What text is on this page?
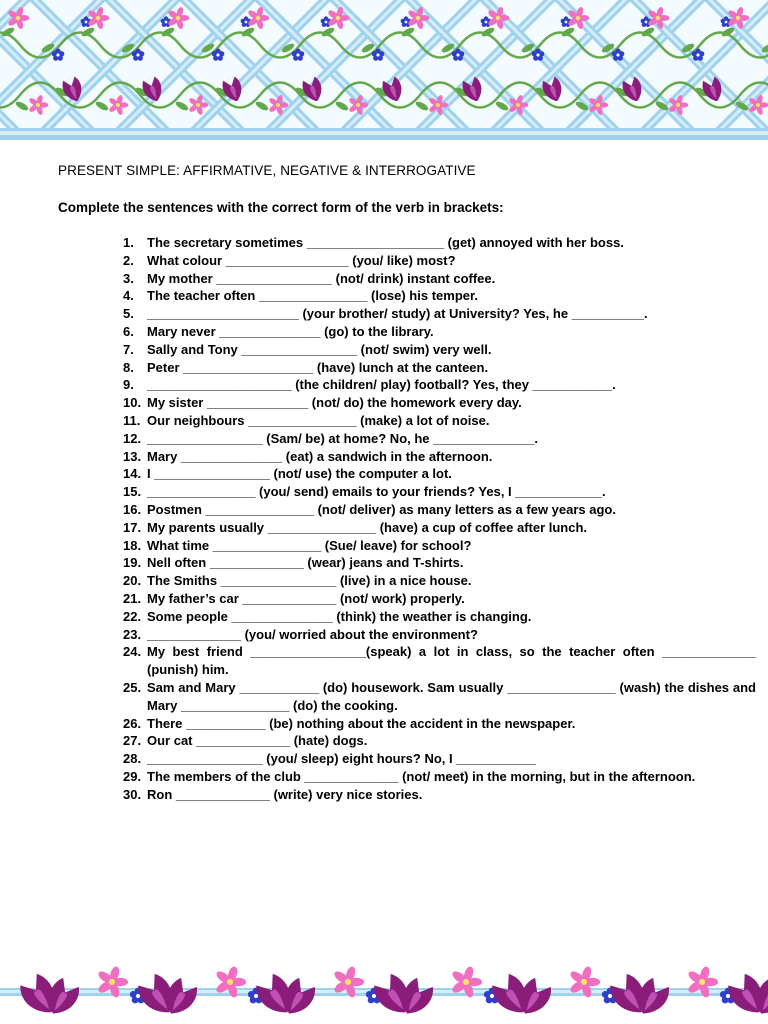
PRESENT SIMPLE: AFFIRMATIVE, NEGATIVE & INTERROGATIVE
Complete the sentences with the correct form of the verb in brackets:
1.	The secretary sometimes ___________________ (get) annoyed with her boss.
2.	What colour _________________ (you/ like) most?
3.	My mother ________________ (not/ drink) instant coffee.
4.	The teacher often _______________ (lose) his temper.
5.	_____________________ (your brother/ study) at University? Yes, he __________.
6.	Mary never ______________ (go) to the library.
7.	Sally and Tony ________________ (not/ swim) very well.
8.	Peter __________________ (have) lunch at the canteen.
9.	____________________ (the children/ play) football? Yes, they ___________.
10. My sister ______________ (not/ do) the homework every day.
11. Our neighbours _______________ (make) a lot of noise.
12. ________________ (Sam/ be) at home? No, he ______________.
13. Mary ______________ (eat) a sandwich in the afternoon.
14. I ________________ (not/ use) the computer a lot.
15. _______________ (you/ send) emails to your friends? Yes, I ____________.
16. Postmen _______________ (not/ deliver) as many letters as a few years ago.
17. My parents usually _______________ (have) a cup of coffee after lunch.
18. What time _______________ (Sue/ leave) for school?
19. Nell often _____________ (wear) jeans and T-shirts.
20. The Smiths ________________ (live) in a nice house.
21. My father’s car _____________ (not/ work) properly.
22. Some people ______________ (think) the weather is changing.
23. _____________ (you/ worried about the environment?
24. My best friend ________________(speak) a lot in class, so the teacher often _____________ (punish) him.
25. Sam and Mary ___________ (do) housework. Sam usually _______________ (wash) the dishes and Mary _______________ (do) the cooking.
26. There ___________ (be) nothing about the accident in the newspaper.
27. Our cat _____________ (hate) dogs.
28. ________________ (you/ sleep) eight hours? No, I ___________
29. The members of the club _____________ (not/ meet) in the morning, but in the afternoon.
30. Ron _____________ (write) very nice stories.
